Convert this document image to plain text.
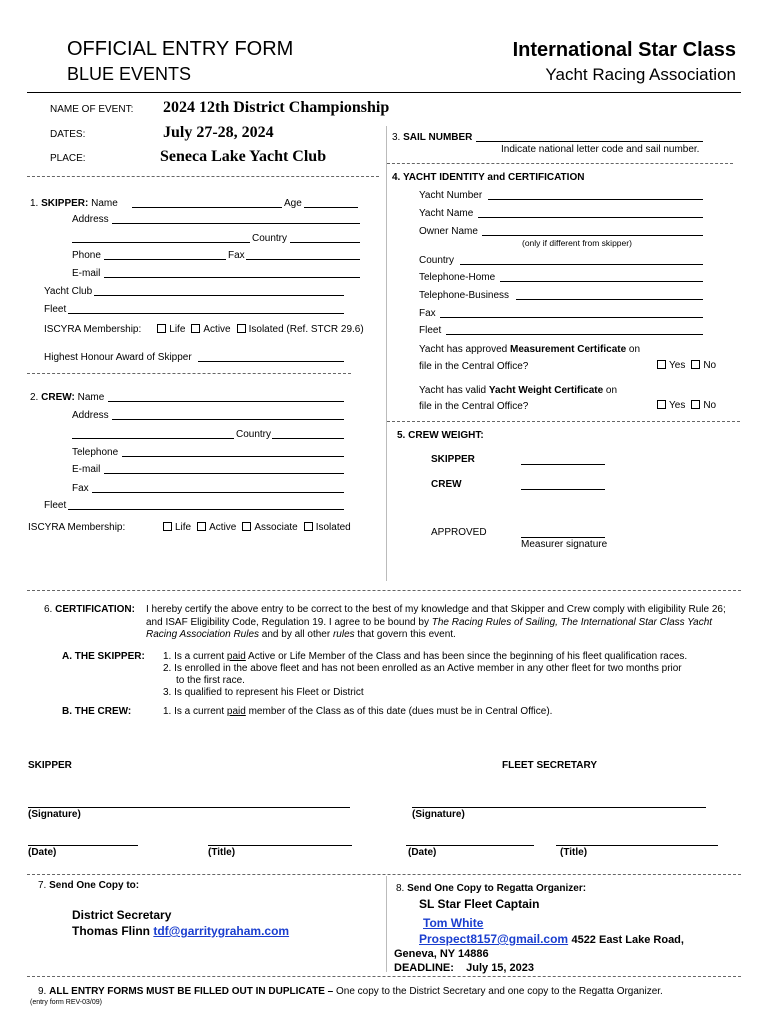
OFFICIAL ENTRY FORM
BLUE EVENTS
International Star Class
Yacht Racing Association
NAME OF EVENT: 2024 12th District Championship
DATES:	July 27-28, 2024
PLACE:	Seneca Lake Yacht Club
3. SAIL NUMBER
Indicate national letter code and sail number.
4. YACHT IDENTITY and CERTIFICATION
Yacht Number
Yacht Name
Owner Name
(only if different from skipper)
Country
Telephone-Home
Telephone-Business
Fax
Fleet
Yacht has approved Measurement Certificate on
file in the Central Office?	Yes No
Yacht has valid Yacht Weight Certificate on
file in the Central Office?	Yes No
5. CREW WEIGHT:
SKIPPER
CREW
APPROVED
Measurer signature
1. SKIPPER: Name	Age
Address
Country
Phone	Fax
E-mail
Yacht Club
Fleet
ISCYRA Membership:	Life Active Isolated (Ref. STCR 29.6)
Highest Honour Award of Skipper
2. CREW: Name
Address
Country
Telephone
E-mail
Fax
Fleet
ISCYRA Membership:	Life Active Associate Isolated
6. CERTIFICATION: I hereby certify the above entry to be correct to the best of my knowledge and that Skipper and Crew comply with eligibility Rule 26;
and ISAF Eligibility Code, Regulation 19. I agree to be bound by The Racing Rules of Sailing, The International Star Class Yacht
Racing Association Rules and by all other rules that govern this event.
A. THE SKIPPER: 1. Is a current paid Active or Life Member of the Class and has been since the beginning of his fleet qualification races.
2. Is enrolled in the above fleet and has not been enrolled as an Active member in any other fleet for two months prior
to the first race.
3. Is qualified to represent his Fleet or District
B. THE CREW:	1. Is a current paid member of the Class as of this date (dues must be in Central Office).
SKIPPER	FLEET SECRETARY
(Signature)	(Signature)
(Date)	(Title)	(Date)	(Title)
7. Send One Copy to:
District Secretary
Thomas Flinn tdf@garritygraham.com
8. Send One Copy to Regatta Organizer:
SL Star Fleet Captain
Tom White
Prospect8157@gmail.com 4522 East Lake Road,
Geneva, NY 14886
DEADLINE: July 15, 2023
9. ALL ENTRY FORMS MUST BE FILLED OUT IN DUPLICATE – One copy to the District Secretary and one copy to the Regatta Organizer.
(entry form REV-03/09)
